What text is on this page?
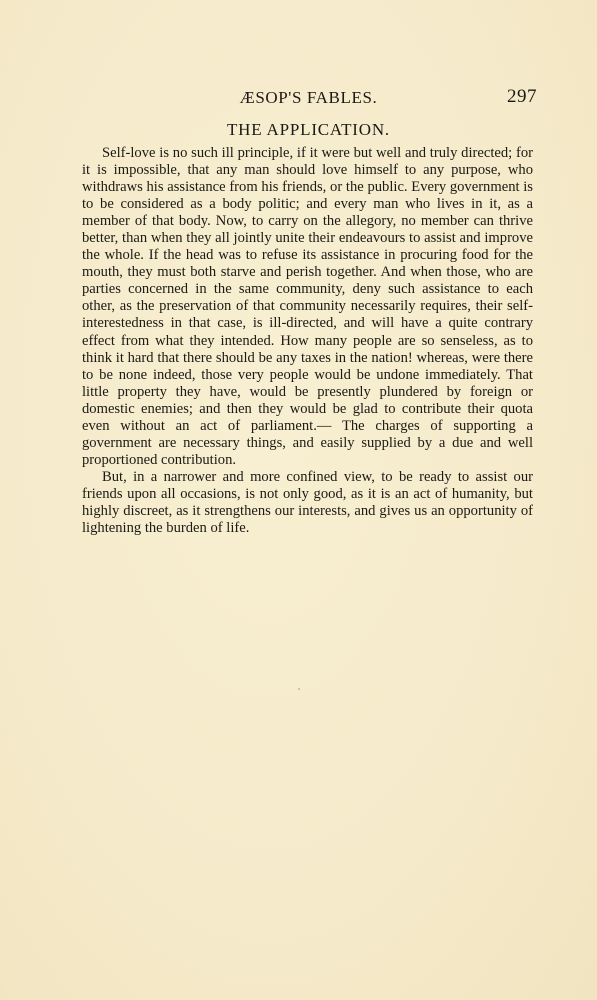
ÆSOP'S FABLES.	297
THE APPLICATION.

Self-love is no such ill principle, if it were but well and truly directed; for it is impossible, that any man should love himself to any purpose, who withdraws his assistance from his friends, or the public. Every government is to be considered as a body politic; and every man who lives in it, as a member of that body. Now, to carry on the allegory, no member can thrive better, than when they all jointly unite their endeavours to assist and improve the whole. If the head was to refuse its assistance in procuring food for the mouth, they must both starve and perish together. And when those, who are parties concerned in the same community, deny such assistance to each other, as the preservation of that community necessarily requires, their self-interestedness in that case, is ill-directed, and will have a quite contrary effect from what they intended. How many people are so senseless, as to think it hard that there should be any taxes in the nation! whereas, were there to be none indeed, those very people would be undone immediately. That little property they have, would be presently plundered by foreign or domestic enemies; and then they would be glad to contribute their quota even without an act of parliament.— The charges of supporting a government are necessary things, and easily supplied by a due and well proportioned contribution.

But, in a narrower and more confined view, to be ready to assist our friends upon all occasions, is not only good, as it is an act of humanity, but highly discreet, as it strengthens our interests, and gives us an opportunity of lightening the burden of life.
